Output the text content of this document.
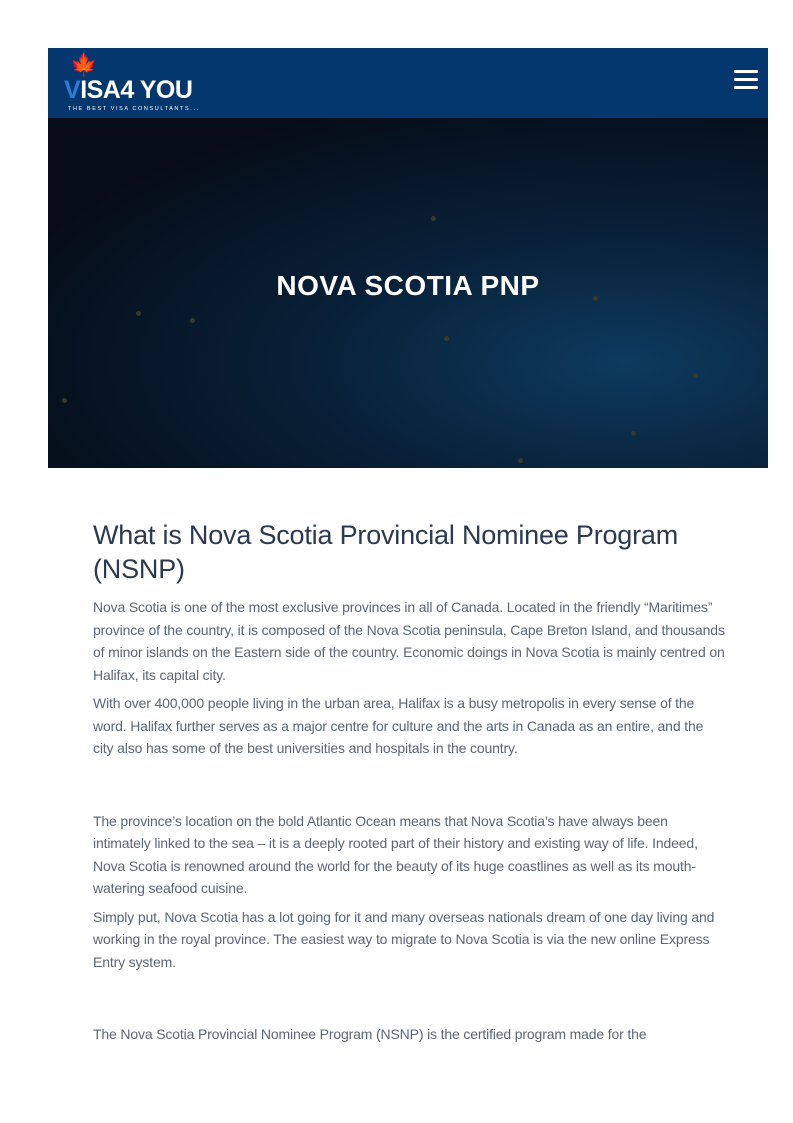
🍁
VISA4 YOU
THE BEST VISA CONSULTANTS...
NOVA SCOTIA PNP
What is Nova Scotia Provincial Nominee Program (NSNP)

Nova Scotia is one of the most exclusive provinces in all of Canada. Located in the friendly “Maritimes” province of the country, it is composed of the Nova Scotia peninsula, Cape Breton Island, and thousands of minor islands on the Eastern side of the country. Economic doings in Nova Scotia is mainly centred on Halifax, its capital city.

With over 400,000 people living in the urban area, Halifax is a busy metropolis in every sense of the word. Halifax further serves as a major centre for culture and the arts in Canada as an entire, and the city also has some of the best universities and hospitals in the country.

The province’s location on the bold Atlantic Ocean means that Nova Scotia’s have always been intimately linked to the sea – it is a deeply rooted part of their history and existing way of life. Indeed, Nova Scotia is renowned around the world for the beauty of its huge coastlines as well as its mouth-watering seafood cuisine.

Simply put, Nova Scotia has a lot going for it and many overseas nationals dream of one day living and working in the royal province. The easiest way to migrate to Nova Scotia is via the new online Express Entry system.

The Nova Scotia Provincial Nominee Program (NSNP) is the certified program made for the
